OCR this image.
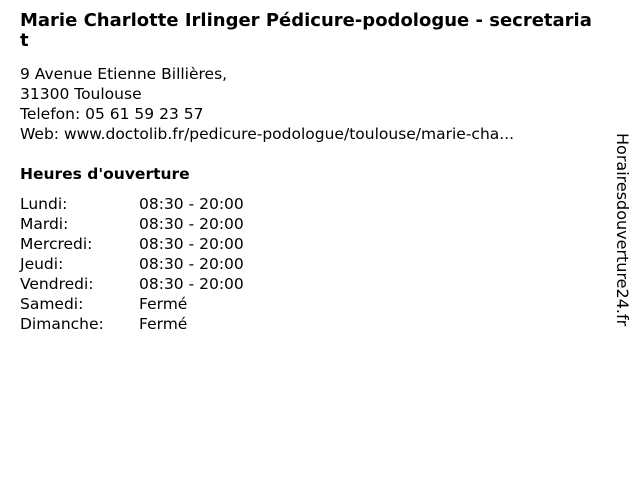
Marie Charlotte Irlinger Pédicure-podologue - secretariat
9 Avenue Etienne Billières,
31300 Toulouse
Telefon: 05 61 59 23 57
Web: www.doctolib.fr/pedicure-podologue/toulouse/marie-cha...
Heures d'ouverture
Lundi:	08:30 - 20:00
Mardi:	08:30 - 20:00
Mercredi:	08:30 - 20:00
Jeudi:	08:30 - 20:00
Vendredi:	08:30 - 20:00
Samedi:	Fermé
Dimanche:	Fermé	Horairesdouverture24.fr
